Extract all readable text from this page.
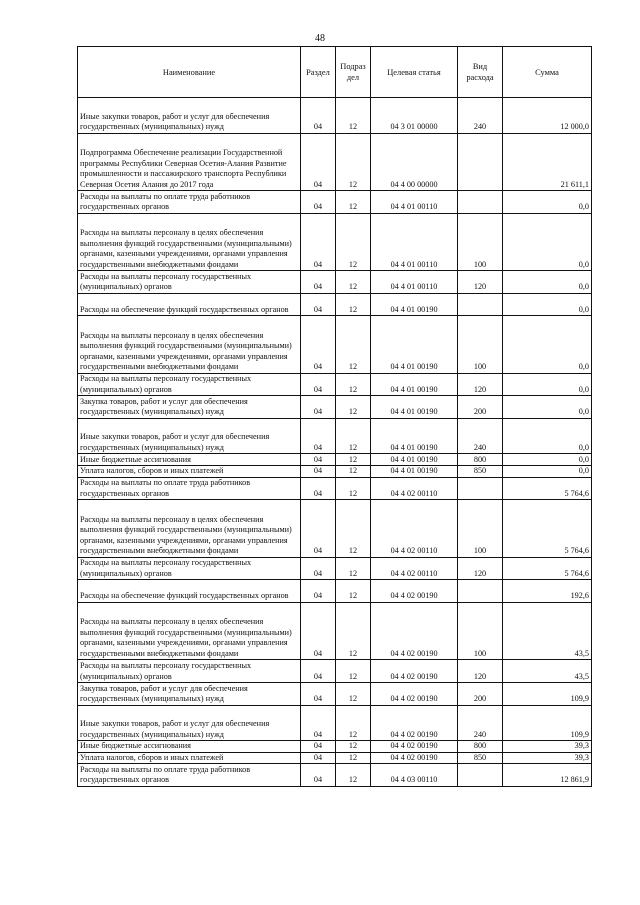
48
Наименование	Раздел	Подраз дел	Целевая статья	Вид расхода	Сумма
Иные закупки товаров, работ и услуг для обеспечения государственных (муниципальных) нужд	04	12	04 3 01 00000	240	12 000,0
Подпрограмма Обеспечение реализации Государственной программы Республики Северная Осетия-Алания Развитие промышленности и пассажирского транспорта Республики Северная Осетия Алания до 2017 года	04	12	04 4 00 00000		21 611,1
Расходы на выплаты по оплате труда работников государственных органов	04	12	04 4 01 00110		0,0
Расходы на выплаты персоналу в целях обеспечения выполнения функций государственными (муниципальными) органами, казенными учреждениями, органами управления государственными внебюджетными фондами	04	12	04 4 01 00110	100	0,0
Расходы на выплаты персоналу государственных (муниципальных) органов	04	12	04 4 01 00110	120	0,0
Расходы на обеспечение функций государственных органов	04	12	04 4 01 00190		0,0
Расходы на выплаты персоналу в целях обеспечения выполнения функций государственными (муниципальными) органами, казенными учреждениями, органами управления государственными внебюджетными фондами	04	12	04 4 01 00190	100	0,0
Расходы на выплаты персоналу государственных (муниципальных) органов	04	12	04 4 01 00190	120	0,0
Закупка товаров, работ и услуг для обеспечения государственных (муниципальных) нужд	04	12	04 4 01 00190	200	0,0
Иные закупки товаров, работ и услуг для обеспечения государственных (муниципальных) нужд	04	12	04 4 01 00190	240	0,0
Иные бюджетные ассигнования	04	12	04 4 01 00190	800	0,0
Уплата налогов, сборов и иных платежей	04	12	04 4 01 00190	850	0,0
Расходы на выплаты по оплате труда работников государственных органов	04	12	04 4 02 00110		5 764,6
Расходы на выплаты персоналу в целях обеспечения выполнения функций государственными (муниципальными) органами, казенными учреждениями, органами управления государственными внебюджетными фондами	04	12	04 4 02 00110	100	5 764,6
Расходы на выплаты персоналу государственных (муниципальных) органов	04	12	04 4 02 00110	120	5 764,6
Расходы на обеспечение функций государственных органов	04	12	04 4 02 00190		192,6
Расходы на выплаты персоналу в целях обеспечения выполнения функций государственными (муниципальными) органами, казенными учреждениями, органами управления государственными внебюджетными фондами	04	12	04 4 02 00190	100	43,5
Расходы на выплаты персоналу государственных (муниципальных) органов	04	12	04 4 02 00190	120	43,5
Закупка товаров, работ и услуг для обеспечения государственных (муниципальных) нужд	04	12	04 4 02 00190	200	109,9
Иные закупки товаров, работ и услуг для обеспечения государственных (муниципальных) нужд	04	12	04 4 02 00190	240	109,9
Иные бюджетные ассигнования	04	12	04 4 02 00190	800	39,3
Уплата налогов, сборов и иных платежей	04	12	04 4 02 00190	850	39,3
Расходы на выплаты по оплате труда работников государственных органов	04	12	04 4 03 00110		12 861,9
